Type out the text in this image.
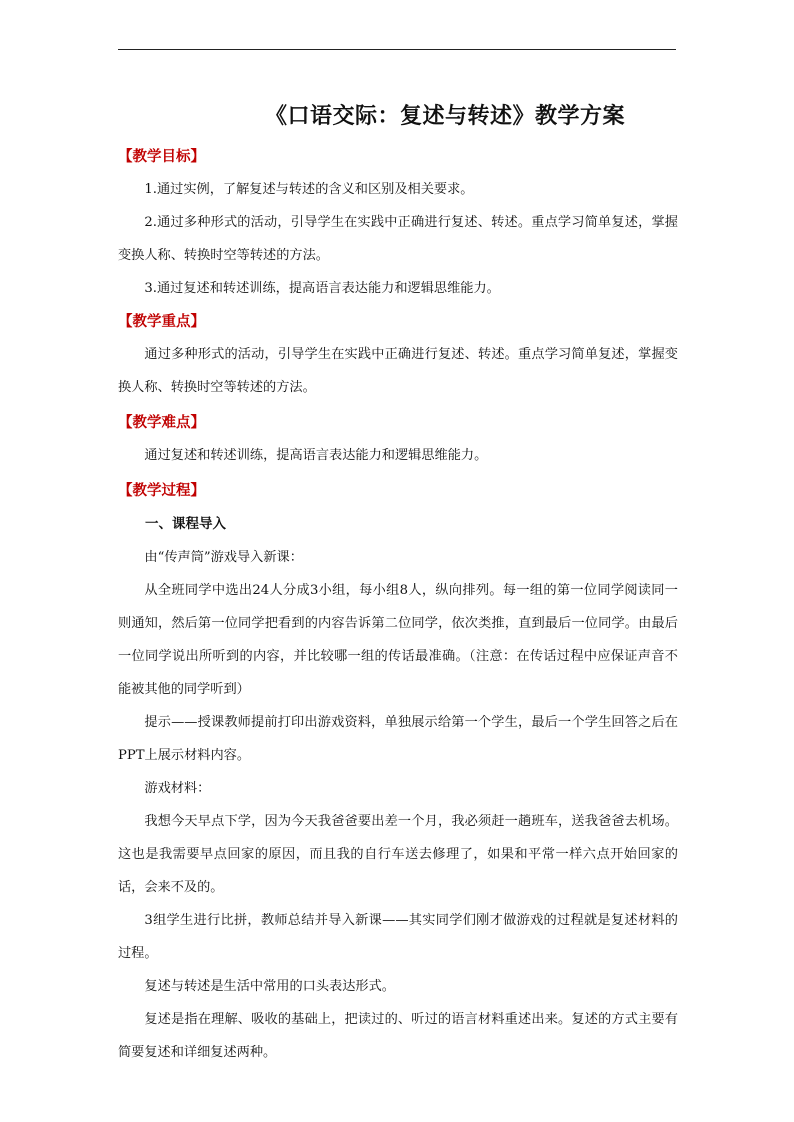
《口语交际：复述与转述》教学方案
【教学目标】

1.通过实例，了解复述与转述的含义和区别及相关要求。

2.通过多种形式的活动，引导学生在实践中正确进行复述、转述。重点学习简单复述，掌握变换人称、转换时空等转述的方法。

3.通过复述和转述训练，提高语言表达能力和逻辑思维能力。

【教学重点】

通过多种形式的活动，引导学生在实践中正确进行复述、转述。重点学习简单复述，掌握变换人称、转换时空等转述的方法。

【教学难点】

通过复述和转述训练，提高语言表达能力和逻辑思维能力。

【教学过程】

一、课程导入

由“传声筒”游戏导入新课：

从全班同学中选出24人分成3小组，每小组8人，纵向排列。每一组的第一位同学阅读同一则通知，然后第一位同学把看到的内容告诉第二位同学，依次类推，直到最后一位同学。由最后一位同学说出所听到的内容，并比较哪一组的传话最准确。（注意：在传话过程中应保证声音不能被其他的同学听到）

提示——授课教师提前打印出游戏资料，单独展示给第一个学生，最后一个学生回答之后在PPT上展示材料内容。

游戏材料：

我想今天早点下学，因为今天我爸爸要出差一个月，我必须赶一趟班车，送我爸爸去机场。这也是我需要早点回家的原因，而且我的自行车送去修理了，如果和平常一样六点开始回家的话，会来不及的。

3组学生进行比拼，教师总结并导入新课——其实同学们刚才做游戏的过程就是复述材料的过程。

复述与转述是生活中常用的口头表达形式。

复述是指在理解、吸收的基础上，把读过的、听过的语言材料重述出来。复述的方式主要有简要复述和详细复述两种。
